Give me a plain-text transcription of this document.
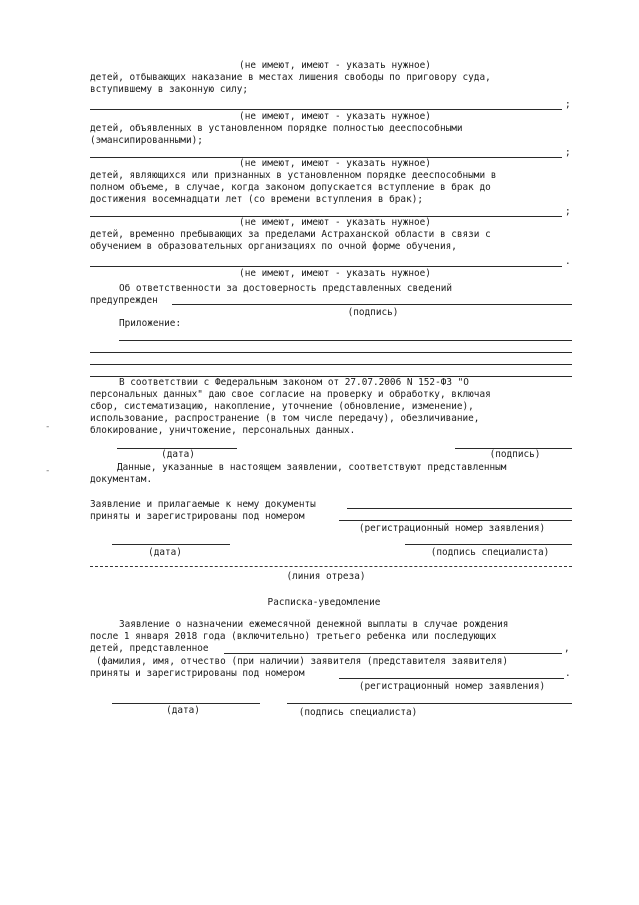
(не имеют, имеют - указать нужное)
детей, отбывающих наказание в местах лишения свободы по приговору суда,
вступившему в законную силу;
;
(не имеют, имеют - указать нужное)
детей, объявленных в установленном порядке полностью дееспособными
(эмансипированными);
;
(не имеют, имеют - указать нужное)
детей, являющихся или признанных в установленном порядке дееспособными в
полном объеме, в случае, когда законом допускается вступление в брак до
достижения восемнадцати лет (со времени вступления в брак);
;
(не имеют, имеют - указать нужное)
детей, временно пребывающих за пределами Астраханской области в связи с
обучением в образовательных организациях по очной форме обучения,
.
(не имеют, имеют - указать нужное)
Об ответственности за достоверность представленных сведений
предупрежден
(подпись)
Приложение:
В соответствии с Федеральным законом от 27.07.2006 N 152-ФЗ "О
персональных данных" даю свое согласие на проверку и обработку, включая
сбор, систематизацию, накопление, уточнение (обновление, изменение),
использование, распространение (в том числе передачу), обезличивание,
блокирование, уничтожение, персональных данных.
(дата)	(подпись)
Данные, указанные в настоящем заявлении, соответствуют представленным
документам.
Заявление и прилагаемые к нему документы
приняты и зарегистрированы под номером
(регистрационный номер заявления)
(дата)	(подпись специалиста)
(линия отреза)
Расписка-уведомление
Заявление о назначении ежемесячной денежной выплаты в случае рождения
после 1 января 2018 года (включительно) третьего ребенка или последующих
детей, представленное	,
(фамилия, имя, отчество (при наличии) заявителя (представителя заявителя)
приняты и зарегистрированы под номером	.
(регистрационный номер заявления)
(дата)	(подпись специалиста)
-
-
